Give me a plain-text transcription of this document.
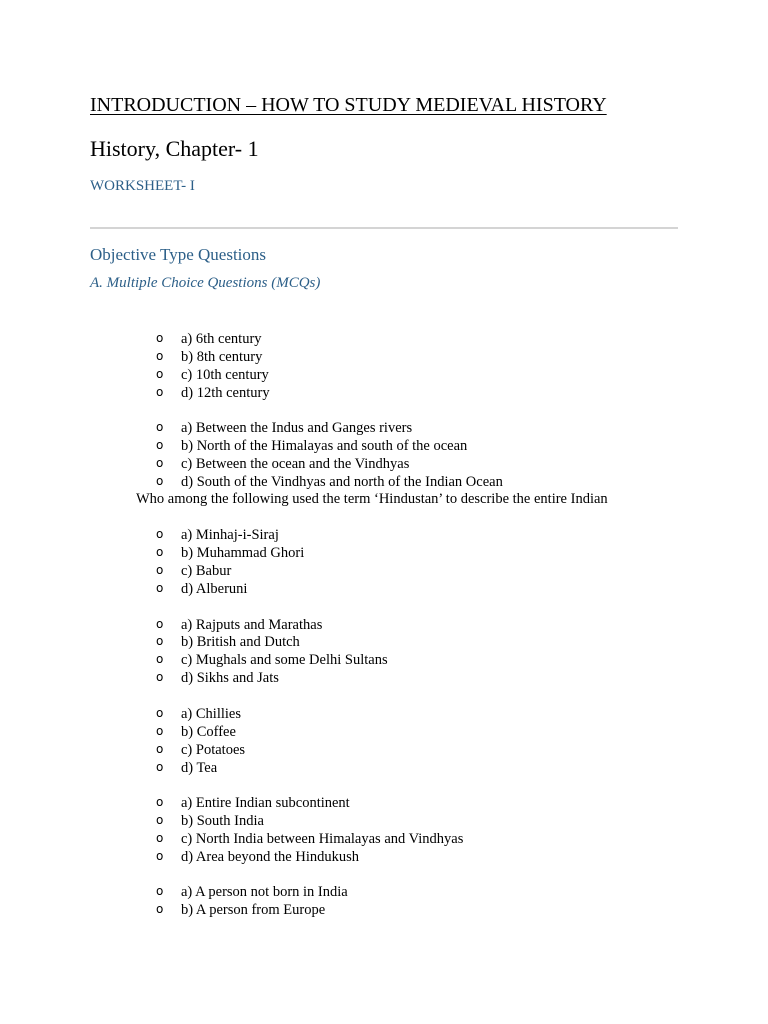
INTRODUCTION – HOW TO STUDY MEDIEVAL HISTORY
History, Chapter- 1
WORKSHEET- I
Objective Type Questions
A. Multiple Choice Questions (MCQs)
o a) 6th century
o b) 8th century
o c) 10th century
o d) 12th century
o a) Between the Indus and Ganges rivers
o b) North of the Himalayas and south of the ocean
o c) Between the ocean and the Vindhyas
o d) South of the Vindhyas and north of the Indian Ocean
Who among the following used the term ‘Hindustan’ to describe the entire Indian
o a) Minhaj-i-Siraj
o b) Muhammad Ghori
o c) Babur
o d) Alberuni
o a) Rajputs and Marathas
o b) British and Dutch
o c) Mughals and some Delhi Sultans
o d) Sikhs and Jats
o a) Chillies
o b) Coffee
o c) Potatoes
o d) Tea
o a) Entire Indian subcontinent
o b) South India
o c) North India between Himalayas and Vindhyas
o d) Area beyond the Hindukush
o a) A person not born in India
o b) A person from Europe
